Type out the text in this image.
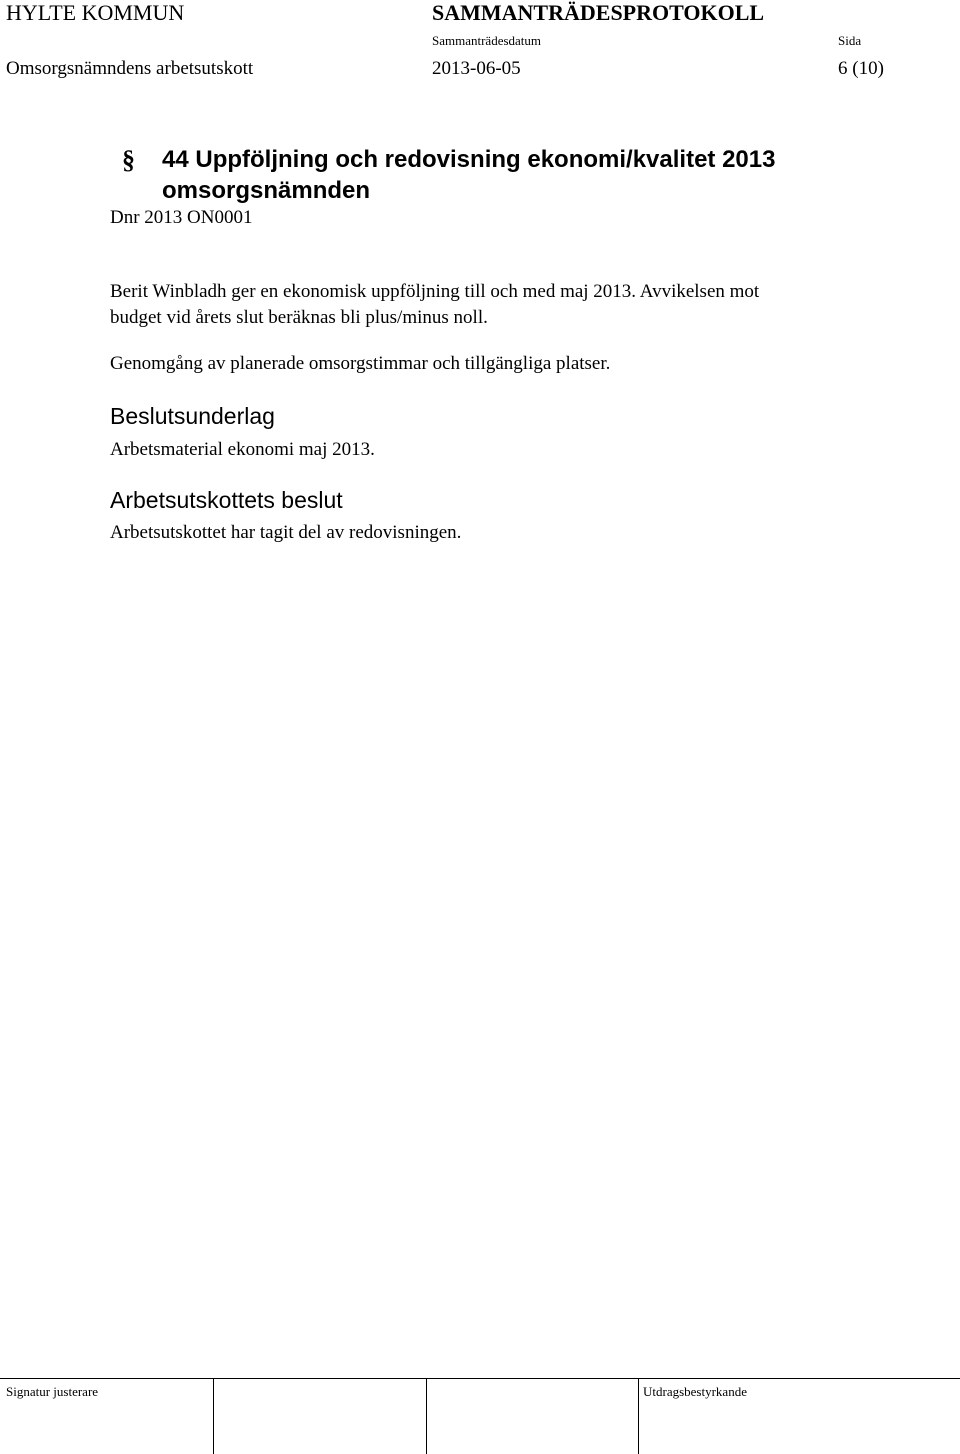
HYLTE KOMMUN	SAMMANTRÄDESPROTOKOLL
Sammanträdesdatum	Sida
Omsorgsnämndens arbetsutskott	2013-06-05	6 (10)
§ 44 Uppföljning och redovisning ekonomi/kvalitet 2013
omsorgsnämnden
Dnr 2013 ON0001
Berit Winbladh ger en ekonomisk uppföljning till och med maj 2013. Avvikelsen mot
budget vid årets slut beräknas bli plus/minus noll.
Genomgång av planerade omsorgstimmar och tillgängliga platser.
Beslutsunderlag
Arbetsmaterial ekonomi maj 2013.
Arbetsutskottets beslut
Arbetsutskottet har tagit del av redovisningen.
Signatur justerare	Utdragsbestyrkande
